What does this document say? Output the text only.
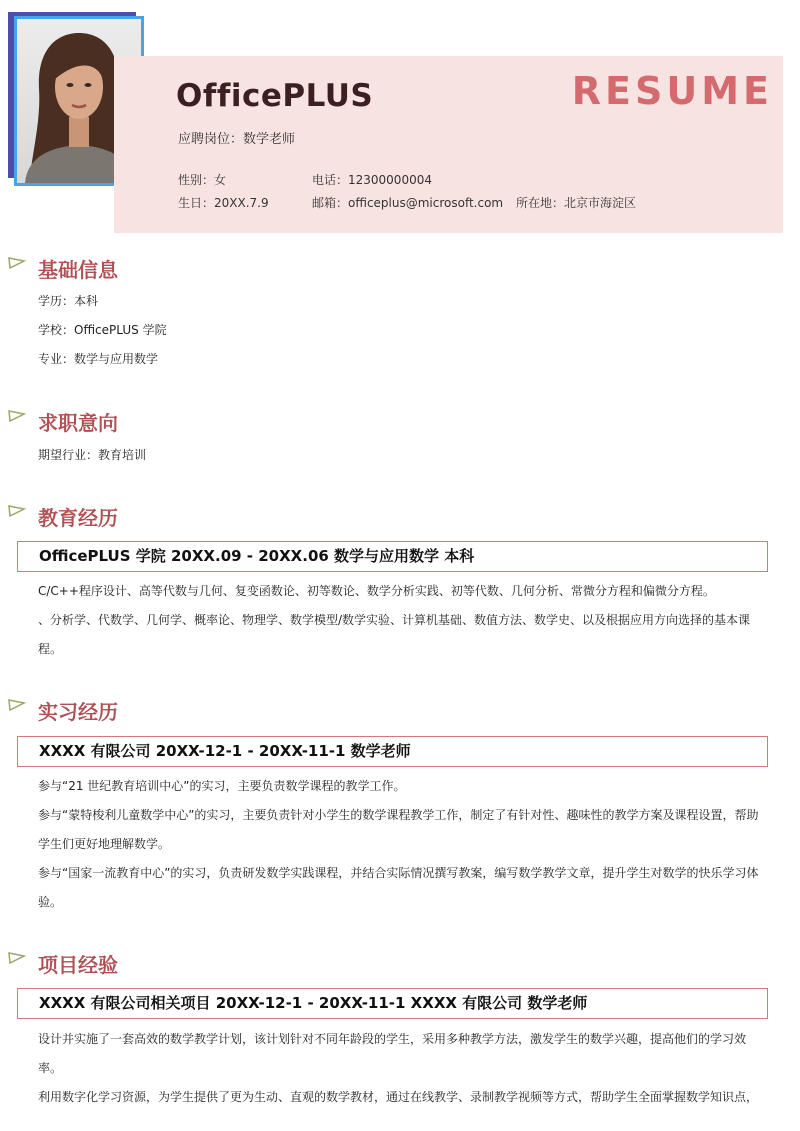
OfficePLUS	RESUME
应聘岗位：数学老师
性别：女	电话：12300000004
生日：20XX.7.9	邮箱：officeplus@microsoft.com 所在地：北京市海淀区
基础信息
学历：本科
学校：OfficePLUS 学院
专业：数学与应用数学
求职意向
期望行业：教育培训
教育经历
OfficePLUS 学院 20XX.09 - 20XX.06 数学与应用数学 本科
C/C++程序设计、高等代数与几何、复变函数论、初等数论、数学分析实践、初等代数、几何分析、常微分方程和偏微分方程。
、分析学、代数学、几何学、概率论、物理学、数学模型/数学实验、计算机基础、数值方法、数学史、以及根据应用方向选择的基本课程。
实习经历
XXXX 有限公司 20XX-12-1 - 20XX-11-1 数学老师
参与“21 世纪教育培训中心”的实习，主要负责数学课程的教学工作。
参与“蒙特梭利儿童数学中心”的实习，主要负责针对小学生的数学课程教学工作，制定了有针对性、趣味性的教学方案及课程设置，帮助学生们更好地理解数学。
参与“国家一流教育中心”的实习，负责研发数学实践课程，并结合实际情况撰写教案，编写数学教学文章，提升学生对数学的快乐学习体验。
项目经验
XXXX 有限公司相关项目 20XX-12-1 - 20XX-11-1 XXXX 有限公司 数学老师
设计并实施了一套高效的数学教学计划，该计划针对不同年龄段的学生，采用多种教学方法，激发学生的数学兴趣，提高他们的学习效率。
利用数字化学习资源，为学生提供了更为生动、直观的数学教材，通过在线教学、录制教学视频等方式，帮助学生全面掌握数学知识点，
